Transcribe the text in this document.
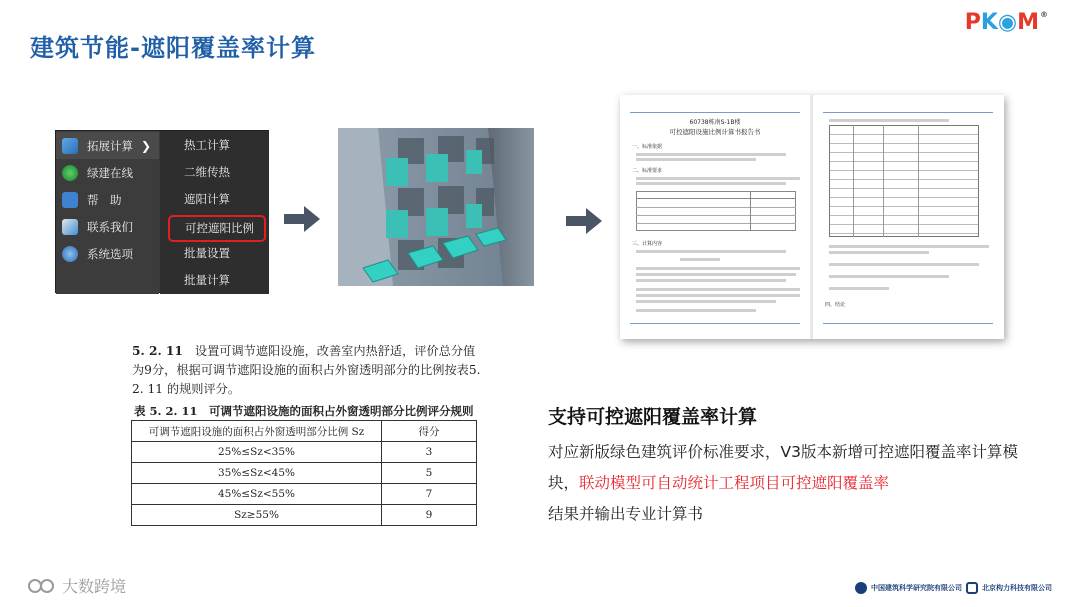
建筑节能-遮阳覆盖率计算
P K ◉ M ®
拓展计算 ❯
绿建在线
帮　助
联系我们
系统选项
热工计算
二维传热
遮阳计算
可控遮阳比例
批量设置
批量计算
60738栋南S-1B楼
可控遮阳设施比例计算书报告书
一、标准依据
二、标准要求
三、计算内容
四、结论
5. 2. 11 设置可调节遮阳设施，改善室内热舒适，评价总分值为9分，根据可调节遮阳设施的面积占外窗透明部分的比例按表5. 2. 11 的规则评分。
表 5. 2. 11　可调节遮阳设施的面积占外窗透明部分比例评分规则
可调节遮阳设施的面积占外窗透明部分比例 Sz	得分
25%≤Sz<35%	3
35%≤Sz<45%	5
45%≤Sz<55%	7
Sz≥55%	9
支持可控遮阳覆盖率计算
对应新版绿色建筑评价标准要求，V3版本新增可控遮阳覆盖率计算模块，联动模型可自动统计工程项目可控遮阳覆盖率
结果并输出专业计算书
大数跨境	中国建筑科学研究院有限公司	北京构力科技有限公司
